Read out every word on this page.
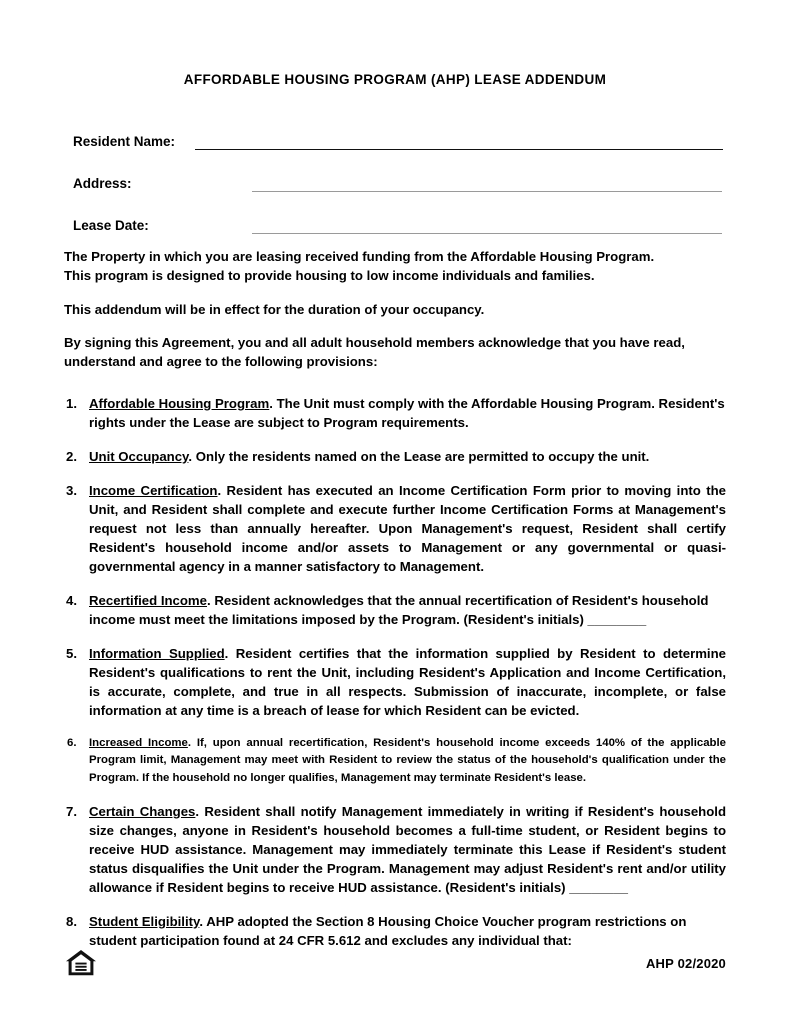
AFFORDABLE HOUSING PROGRAM (AHP) LEASE ADDENDUM
Resident Name:
Address:
Lease Date:

The Property in which you are leasing received funding from the Affordable Housing Program.

This program is designed to provide housing to low income individuals and families.

This addendum will be in effect for the duration of your occupancy.

By signing this Agreement, you and all adult household members acknowledge that you have read, understand and agree to the following provisions:

1. Affordable Housing Program. The Unit must comply with the Affordable Housing Program. Resident's rights under the Lease are subject to Program requirements.
2. Unit Occupancy. Only the residents named on the Lease are permitted to occupy the unit.
3. Income Certification. Resident has executed an Income Certification Form prior to moving into the Unit, and Resident shall complete and execute further Income Certification Forms at Management's request not less than annually hereafter. Upon Management's request, Resident shall certify Resident's household income and/or assets to Management or any governmental or quasi-governmental agency in a manner satisfactory to Management.
4. Recertified Income. Resident acknowledges that the annual recertification of Resident's household income must meet the limitations imposed by the Program. (Resident's initials) ________
5. Information Supplied. Resident certifies that the information supplied by Resident to determine Resident's qualifications to rent the Unit, including Resident's Application and Income Certification, is accurate, complete, and true in all respects. Submission of inaccurate, incomplete, or false information at any time is a breach of lease for which Resident can be evicted.
6.	Increased Income. If, upon annual recertification, Resident's household income exceeds 140% of the applicable Program limit, Management may meet with Resident to review the status of the household's qualification under the Program. If the household no longer qualifies, Management may terminate Resident's lease.
7. Certain Changes. Resident shall notify Management immediately in writing if Resident's household size changes, anyone in Resident's household becomes a full-time student, or Resident begins to receive HUD assistance. Management may immediately terminate this Lease if Resident's student status disqualifies the Unit under the Program. Management may adjust Resident's rent and/or utility allowance if Resident begins to receive HUD assistance. (Resident's initials) ________
8. Student Eligibility. AHP adopted the Section 8 Housing Choice Voucher program restrictions on student participation found at 24 CFR 5.612 and excludes any individual that:
AHP 02/2020
